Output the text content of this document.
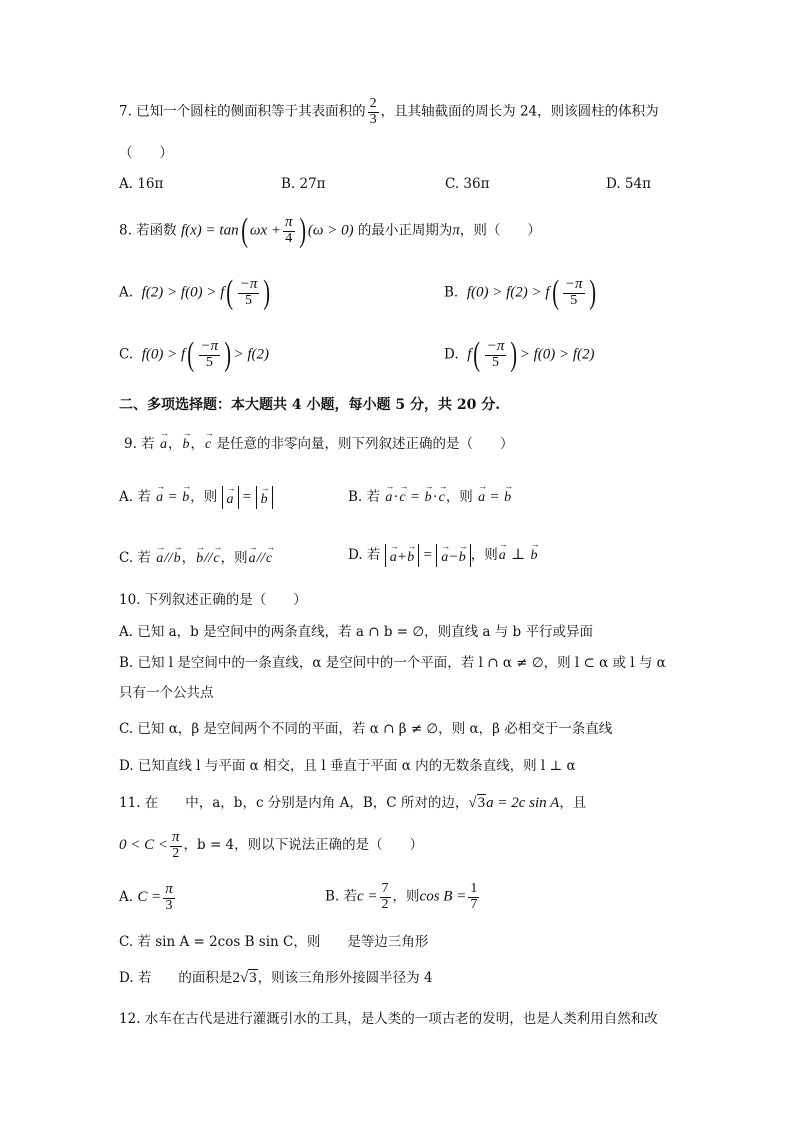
7. 已知一个圆柱的侧面积等于其表面积的 $\frac{2}{3}$ ，且其轴截面的周长为 24，则该圆柱的体积为
（　　）
A. 16π	B. 27π	C. 36π	D. 54π
8. 若函数 f(x) = tan( $\omega x + \frac{\pi}{4}$ ) (ω > 0) 的最小正周期为π，则（　　）
A. $f(2) > f(0) > f( \frac{-\pi}{5}$ )	B. $f(0) > f(2) > f( \frac{-\pi}{5}$ )
C. $f(0) > f( \frac{-\pi}{5}$ ) > f(2)	D. $f( \frac{-\pi}{5}$ ) > f(0) > f(2)
二、多项选择题：本大题共 4 小题，每小题 5 分，共 20 分.
9. 若 → a，→ b，→ c 是任意的非零向量，则下列叙述正确的是（　　）
A. 若 → a = → b，则 → a = → b	B. 若 → a·→ c = → b·→ c，则 → a = → b
C. 若 → a//→ b，→ b//→ c，则→ a//→ c	D. 若 → a+→ b = → a−→ b ，则→ a ⊥ → b
10. 下列叙述正确的是（　　）
A. 已知 a，b 是空间中的两条直线，若 a ∩ b = ∅，则直线 a 与 b 平行或异面
B. 已知 l 是空间中的一条直线，α 是空间中的一个平面，若 l ∩ α ≠ ∅，则 l ⊂ α 或 l 与 α
只有一个公共点
C. 已知 α，β 是空间两个不同的平面，若 α ∩ β ≠ ∅，则 α，β 必相交于一条直线
D. 已知直线 l 与平面 α 相交，且 l 垂直于平面 α 内的无数条直线，则 l ⊥ α
11. 在　　中，a，b，c 分别是内角 A，B，C 所对的边，√3a = 2c sin A，且
$0 < C < \frac{\pi}{2}$ ，b = 4，则以下说法正确的是（　　）
A. $C = \frac{\pi}{3}$	B. 若$c = \frac{7}{2}$ ，则$\cos B = \frac{1}{7}$
C. 若 sin A = 2cos B sin C，则　　是等边三角形
D. 若　　的面积是2√3，则该三角形外接圆半径为 4
12. 水车在古代是进行灌溉引水的工具，是人类的一项古老的发明，也是人类利用自然和改
